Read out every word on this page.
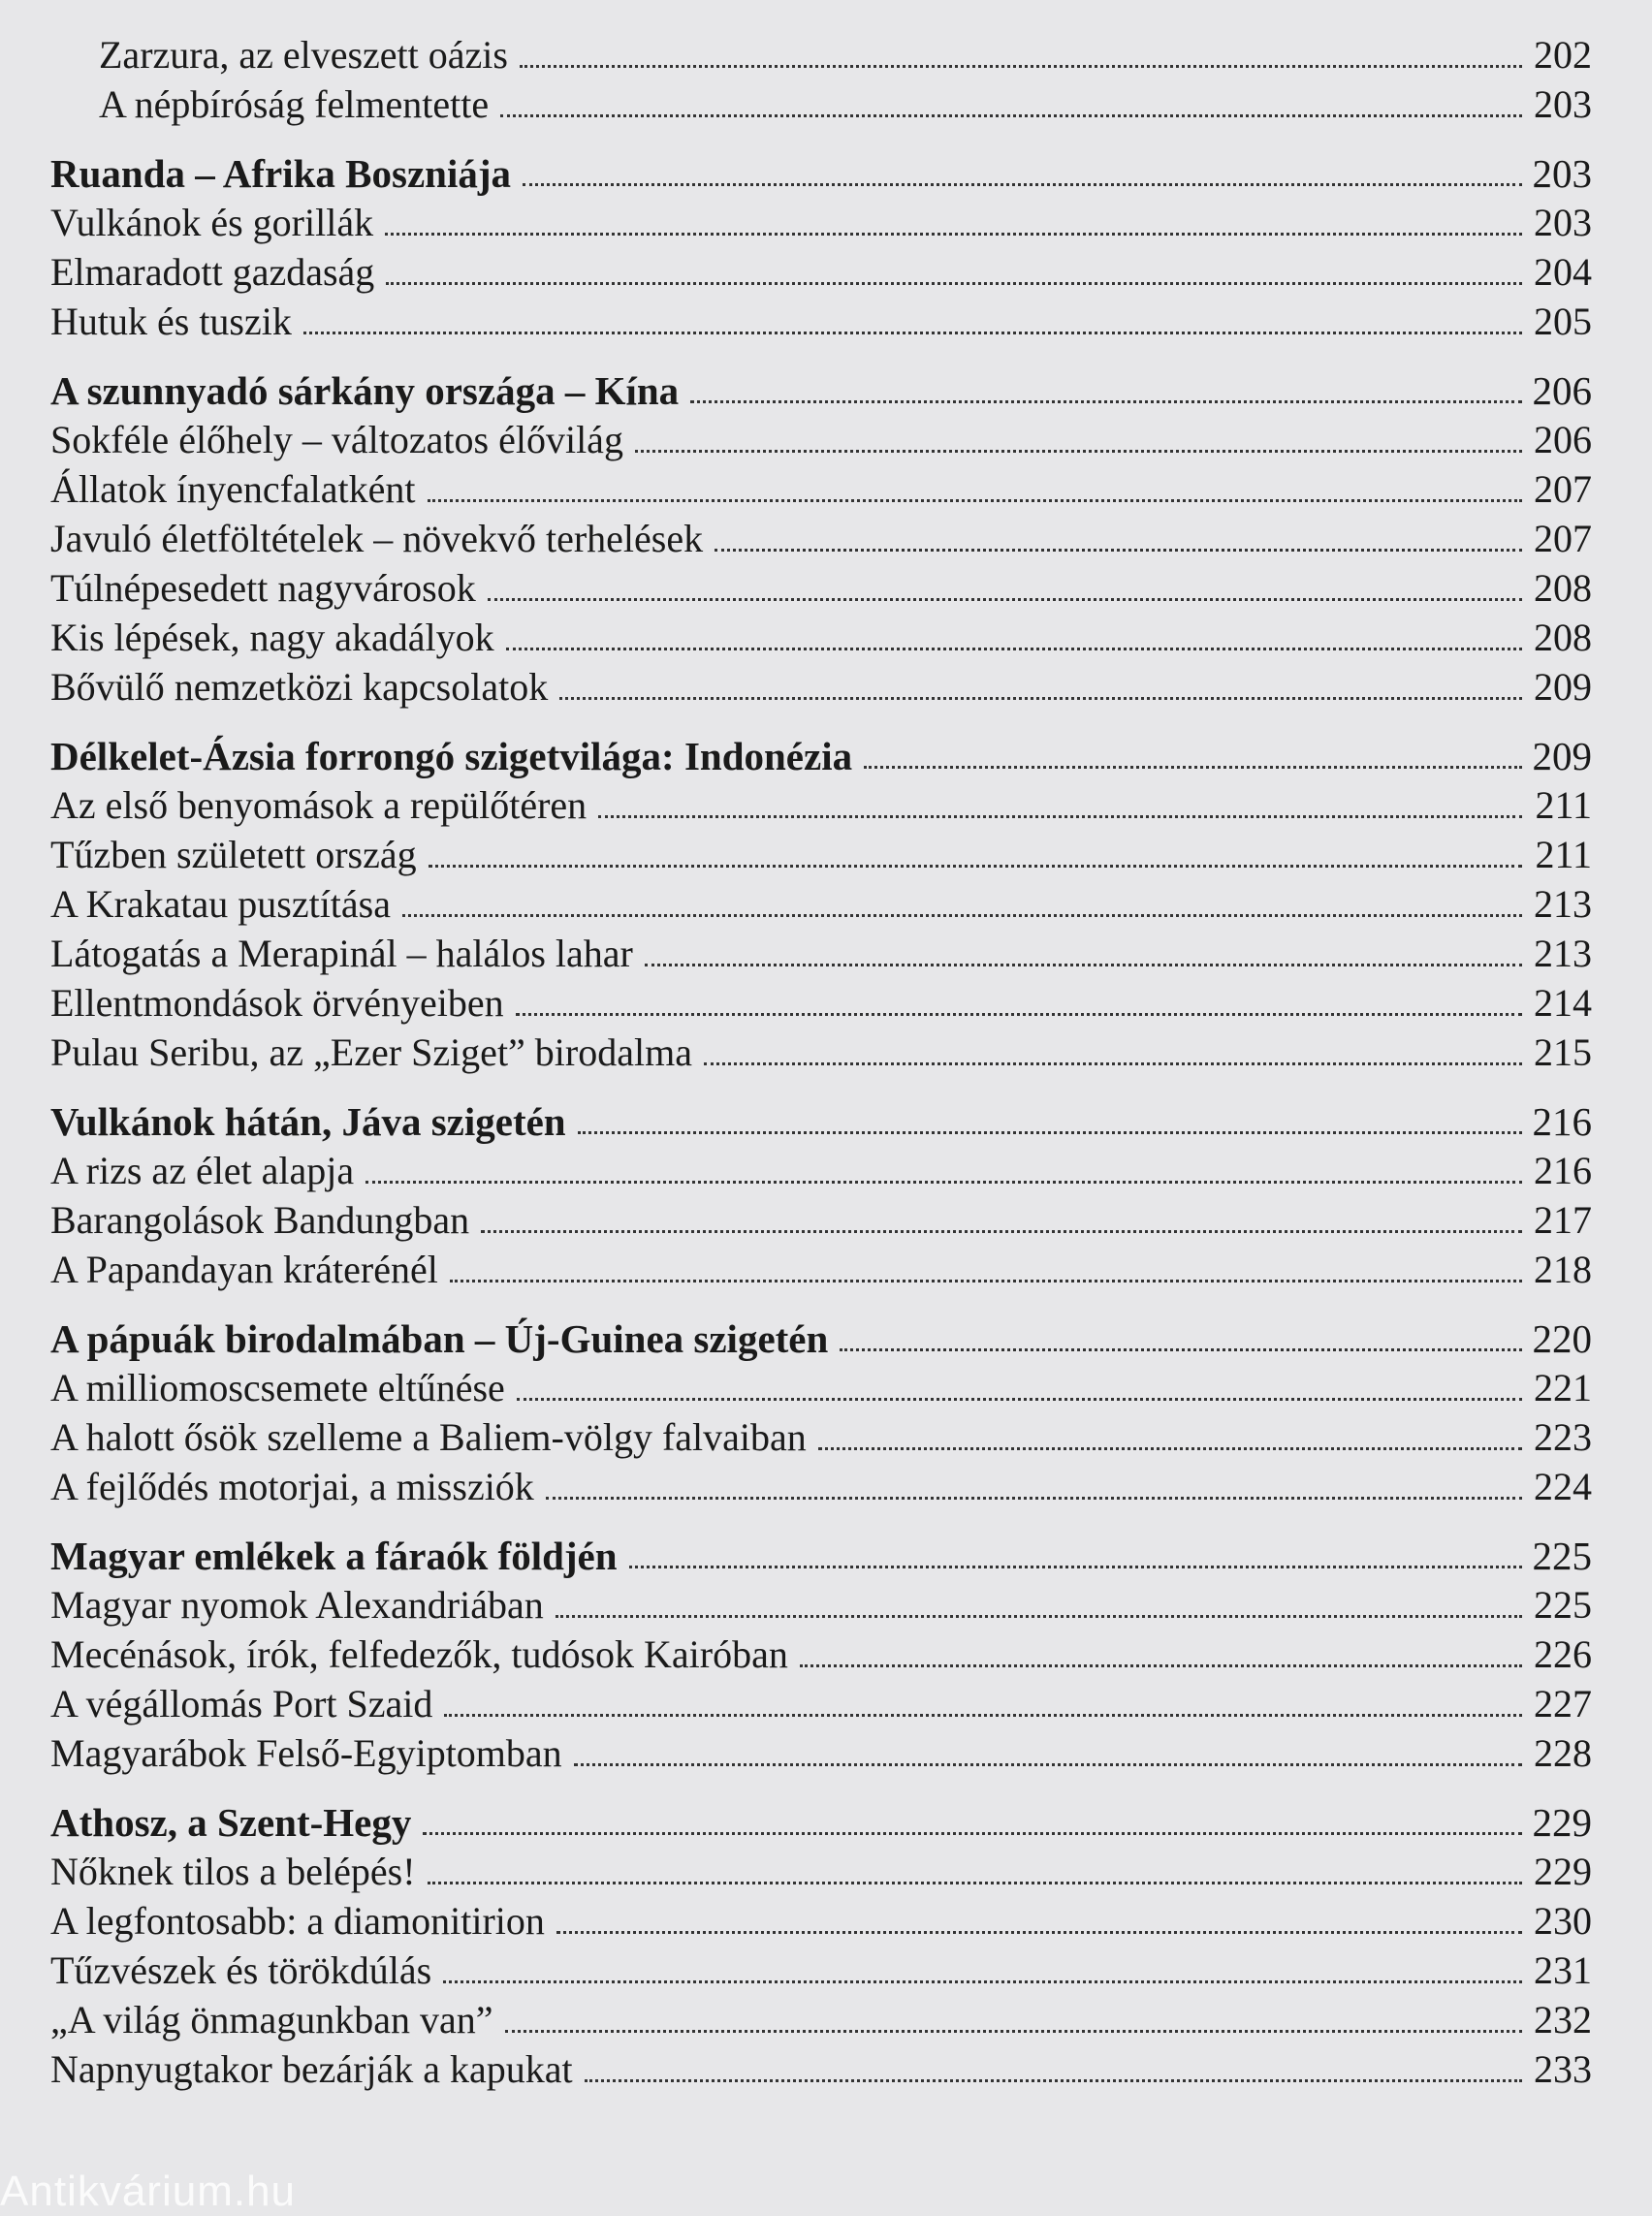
Zarzura, az elveszett oázis	202
A népbíróság felmentette	203
Ruanda – Afrika Boszniája	203
Vulkánok és gorillák	203
Elmaradott gazdaság	204
Hutuk és tuszik	205
A szunnyadó sárkány országa – Kína	206
Sokféle élőhely – változatos élővilág	206
Állatok ínyencfalatként	207
Javuló életföltételek – növekvő terhelések	207
Túlnépesedett nagyvárosok	208
Kis lépések, nagy akadályok	208
Bővülő nemzetközi kapcsolatok	209
Délkelet-Ázsia forrongó szigetvilága: Indonézia	209
Az első benyomások a repülőtéren	211
Tűzben született ország	211
A Krakatau pusztítása	213
Látogatás a Merapinál – halálos lahar	213
Ellentmondások örvényeiben	214
Pulau Seribu, az „Ezer Sziget” birodalma	215
Vulkánok hátán, Jáva szigetén	216
A rizs az élet alapja	216
Barangolások Bandungban	217
A Papandayan kráterénél	218
A pápuák birodalmában – Új-Guinea szigetén	220
A milliomoscsemete eltűnése	221
A halott ősök szelleme a Baliem-völgy falvaiban	223
A fejlődés motorjai, a missziók	224
Magyar emlékek a fáraók földjén	225
Magyar nyomok Alexandriában	225
Mecénások, írók, felfedezők, tudósok Kairóban	226
A végállomás Port Szaid	227
Magyarábok Felső-Egyiptomban	228
Athosz, a Szent-Hegy	229
Nőknek tilos a belépés!	229
A legfontosabb: a diamonitirion	230
Tűzvészek és törökdúlás	231
„A világ önmagunkban van”	232
Napnyugtakor bezárják a kapukat	233
Antikvárium.hu
